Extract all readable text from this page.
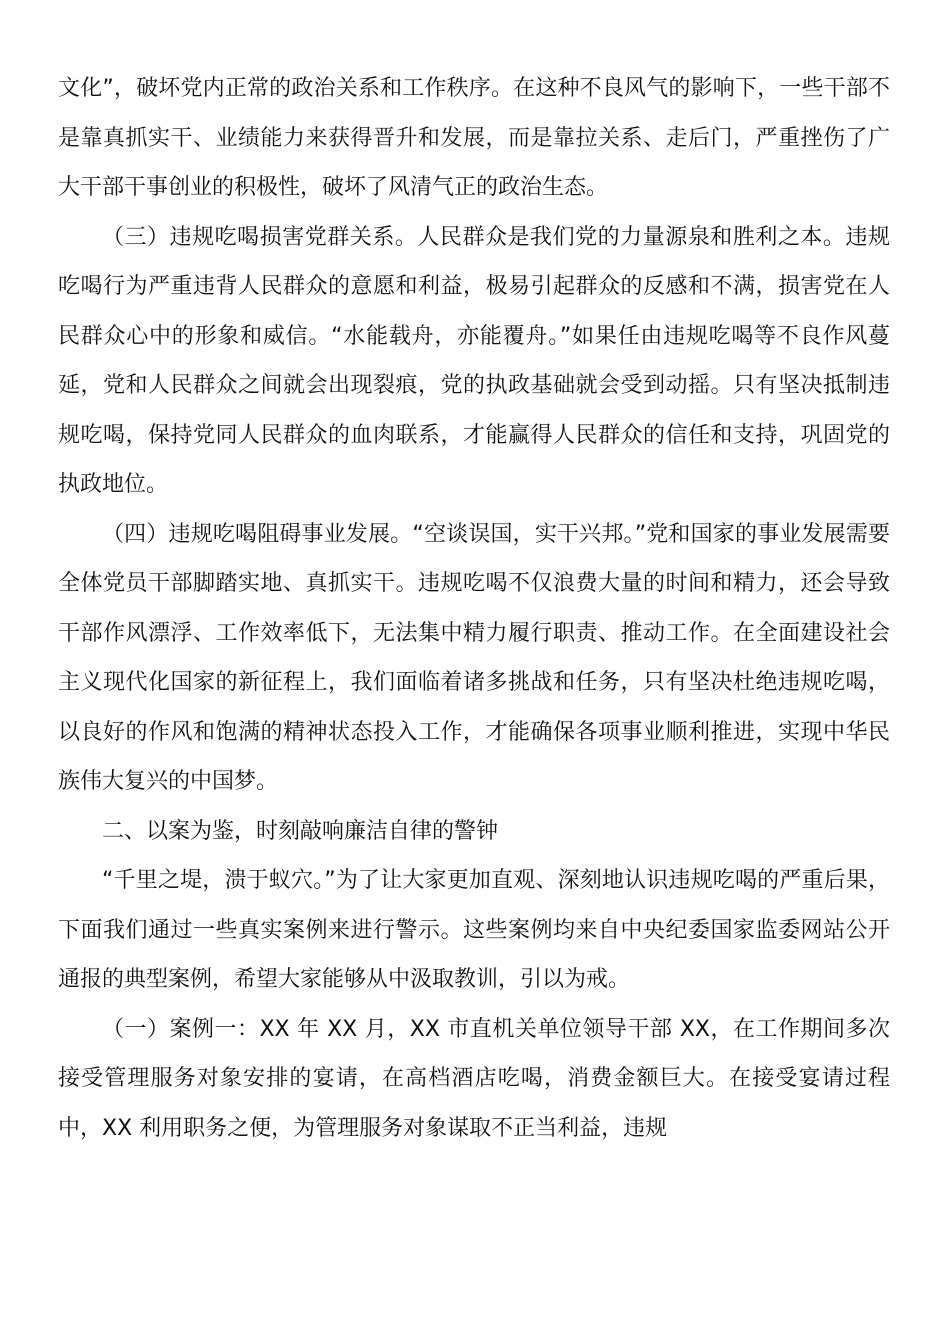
文化”，破坏党内正常的政治关系和工作秩序。在这种不良风气的影响下，一些干部不是靠真抓实干、业绩能力来获得晋升和发展，而是靠拉关系、走后门，严重挫伤了广大干部干事创业的积极性，破坏了风清气正的政治生态。

（三）违规吃喝损害党群关系。人民群众是我们党的力量源泉和胜利之本。违规吃喝行为严重违背人民群众的意愿和利益，极易引起群众的反感和不满，损害党在人民群众心中的形象和威信。“水能载舟，亦能覆舟。”如果任由违规吃喝等不良作风蔓延，党和人民群众之间就会出现裂痕，党的执政基础就会受到动摇。只有坚决抵制违规吃喝，保持党同人民群众的血肉联系，才能赢得人民群众的信任和支持，巩固党的执政地位。

（四）违规吃喝阻碍事业发展。“空谈误国，实干兴邦。”党和国家的事业发展需要全体党员干部脚踏实地、真抓实干。违规吃喝不仅浪费大量的时间和精力，还会导致干部作风漂浮、工作效率低下，无法集中精力履行职责、推动工作。在全面建设社会主义现代化国家的新征程上，我们面临着诸多挑战和任务，只有坚决杜绝违规吃喝，以良好的作风和饱满的精神状态投入工作，才能确保各项事业顺利推进，实现中华民族伟大复兴的中国梦。

二、以案为鉴，时刻敲响廉洁自律的警钟

“千里之堤，溃于蚁穴。”为了让大家更加直观、深刻地认识违规吃喝的严重后果，下面我们通过一些真实案例来进行警示。这些案例均来自中央纪委国家监委网站公开通报的典型案例，希望大家能够从中汲取教训，引以为戒。

（一）案例一：XX 年 XX 月，XX 市直机关单位领导干部 XX，在工作期间多次接受管理服务对象安排的宴请，在高档酒店吃喝，消费金额巨大。在接受宴请过程中，XX 利用职务之便，为管理服务对象谋取不正当利益，违规
